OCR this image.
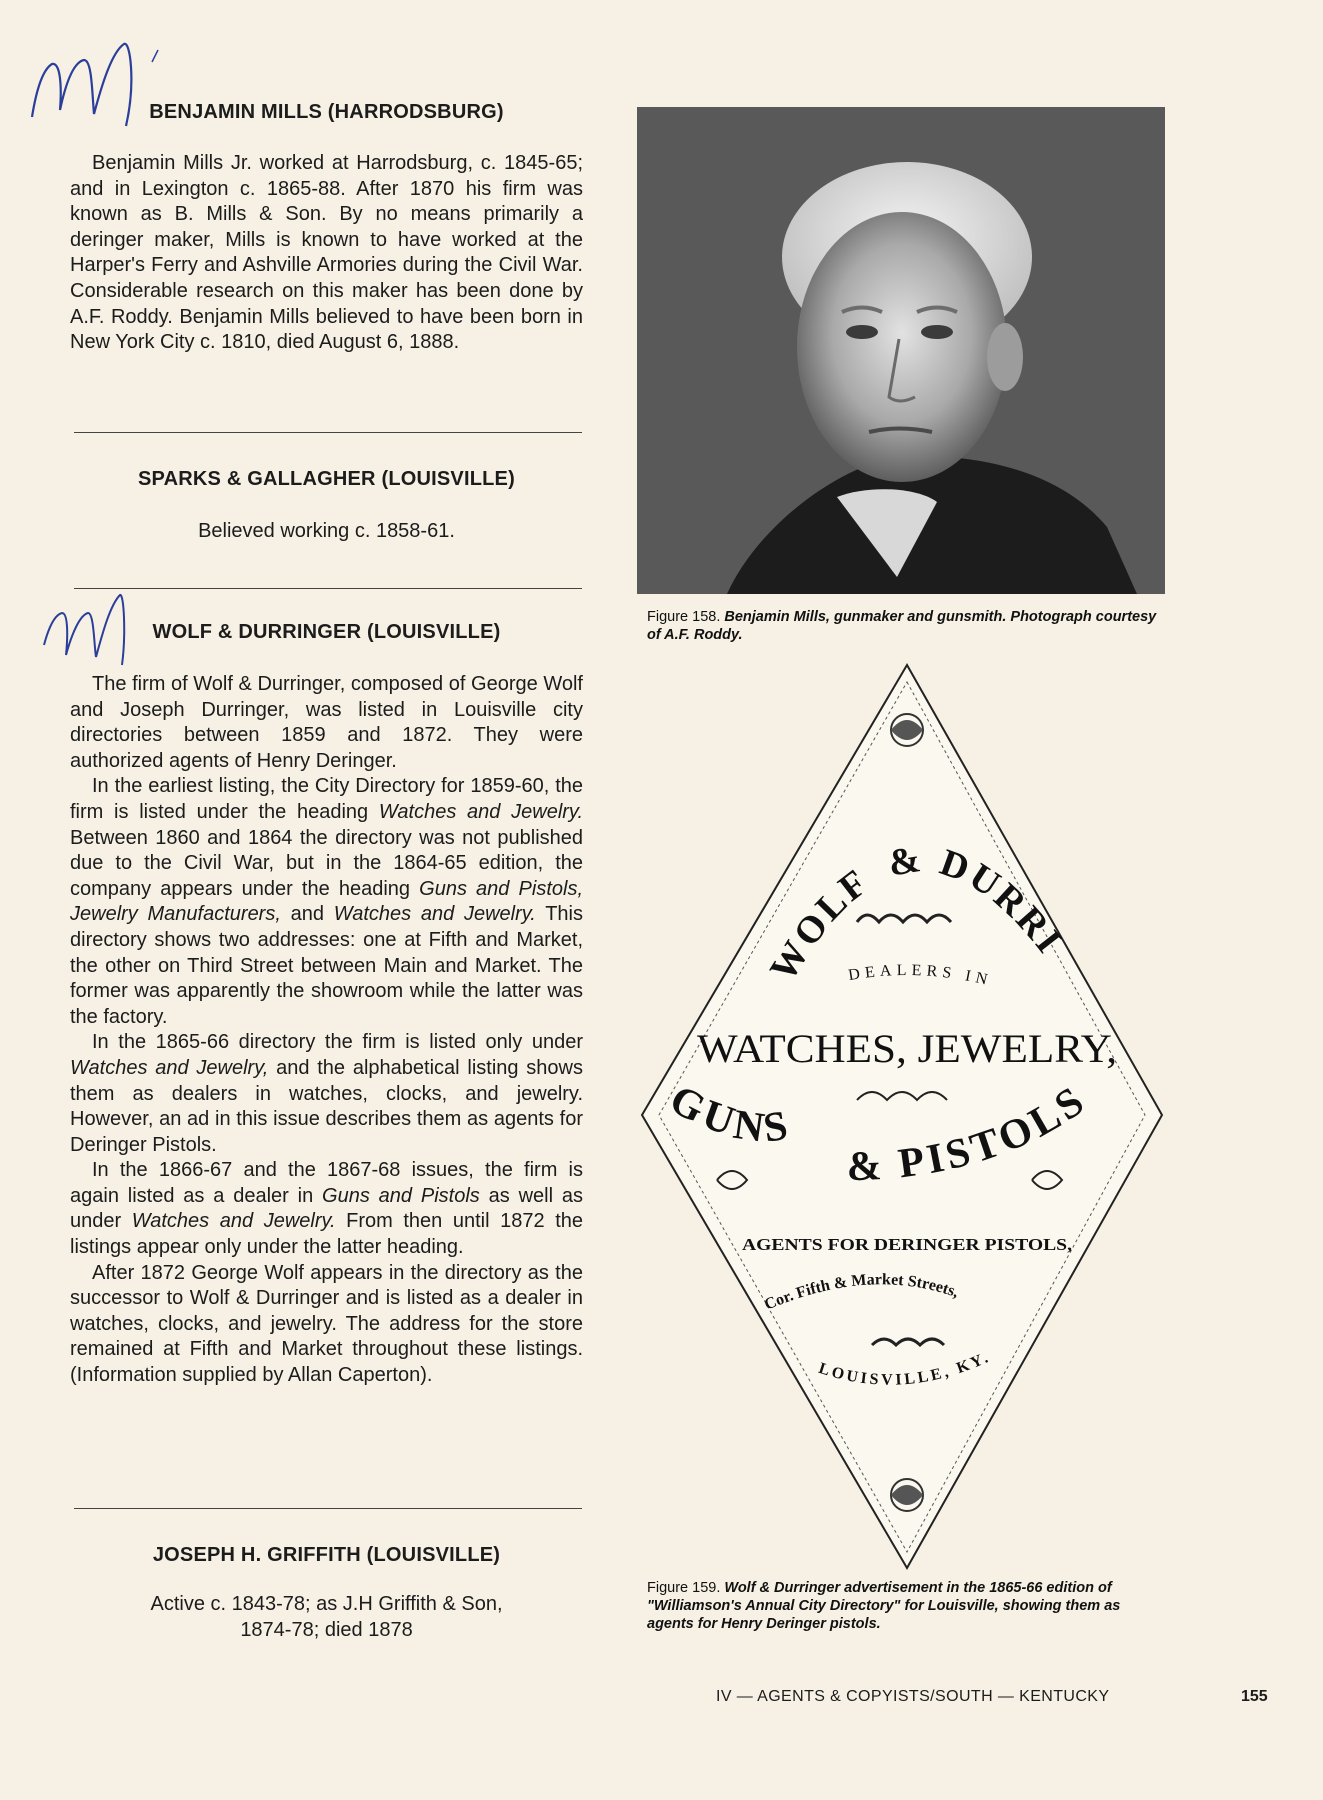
BENJAMIN MILLS (HARRODSBURG)

Benjamin Mills Jr. worked at Harrodsburg, c. 1845-65; and in Lexington c. 1865-88. After 1870 his firm was known as B. Mills & Son. By no means primarily a deringer maker, Mills is known to have worked at the Harper's Ferry and Ashville Armories during the Civil War. Considerable research on this maker has been done by A.F. Roddy. Benjamin Mills believed to have been born in New York City c. 1810, died August 6, 1888.

SPARKS & GALLAGHER (LOUISVILLE)

Believed working c. 1858-61.

WOLF & DURRINGER (LOUISVILLE)

The firm of Wolf & Durringer, composed of George Wolf and Joseph Durringer, was listed in Louisville city directories between 1859 and 1872. They were authorized agents of Henry Deringer.

In the earliest listing, the City Directory for 1859-60, the firm is listed under the heading Watches and Jewelry. Between 1860 and 1864 the directory was not published due to the Civil War, but in the 1864-65 edition, the company appears under the heading Guns and Pistols, Jewelry Manufacturers, and Watches and Jewelry. This directory shows two addresses: one at Fifth and Market, the other on Third Street between Main and Market. The former was apparently the showroom while the latter was the factory.

In the 1865-66 directory the firm is listed only under Watches and Jewelry, and the alphabetical listing shows them as dealers in watches, clocks, and jewelry. However, an ad in this issue describes them as agents for Deringer Pistols.

In the 1866-67 and the 1867-68 issues, the firm is again listed as a dealer in Guns and Pistols as well as under Watches and Jewelry. From then until 1872 the listings appear only under the latter heading.

After 1872 George Wolf appears in the directory as the successor to Wolf & Durringer and is listed as a dealer in watches, clocks, and jewelry. The address for the store remained at Fifth and Market throughout these listings. (Information supplied by Allan Caperton).

JOSEPH H. GRIFFITH (LOUISVILLE)

Active c. 1843-78; as J.H Griffith & Son,

1874-78; died 1878

Figure 158. Benjamin Mills, gunmaker and gunsmith. Photograph courtesy of A.F. Roddy.
WOLF & DURRI
DEALERS IN
WATCHES, JEWELRY,
GUNS
& PISTOLS
AGENTS FOR DERINGER PISTOLS,
Cor. Fifth & Market Streets,
LOUISVILLE, KY.
Figure 159. Wolf & Durringer advertisement in the 1865-66 edition of "Williamson's Annual City Directory" for Louisville, showing them as agents for Henry Deringer pistols.
IV — AGENTS & COPYISTS/SOUTH — KENTUCKY	155
